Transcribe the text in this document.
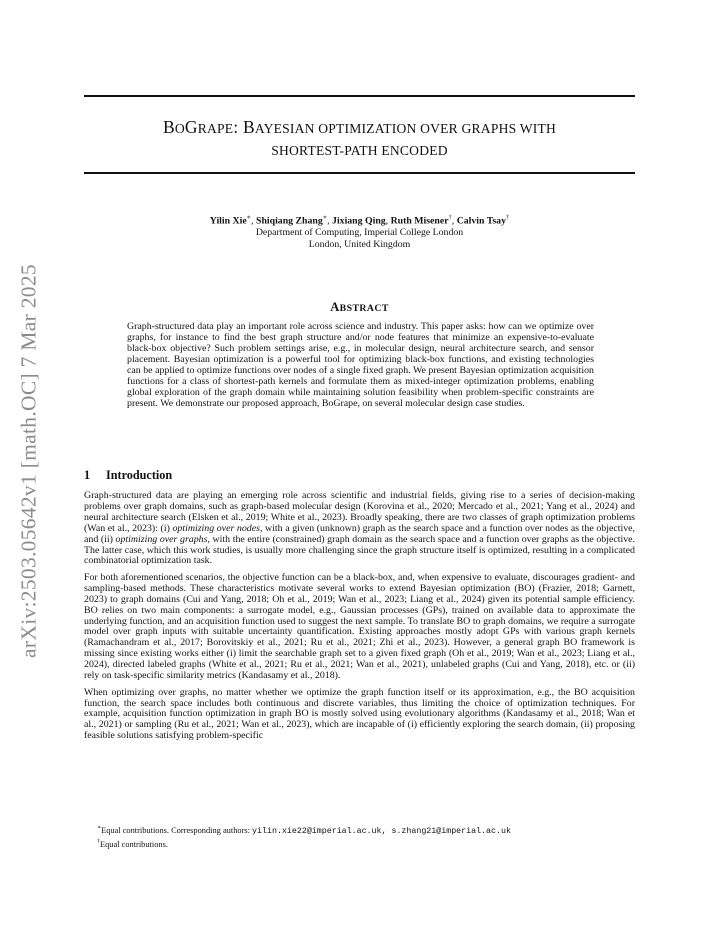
arXiv:2503.05642v1 [math.OC] 7 Mar 2025
BOGRAPE: BAYESIAN OPTIMIZATION OVER GRAPHS WITH
SHORTEST-PATH ENCODED
Yilin Xie∗, Shiqiang Zhang∗, Jixiang Qing, Ruth Misener†, Calvin Tsay†
Department of Computing, Imperial College London
London, United Kingdom
ABSTRACT

Graph-structured data play an important role across science and industry. This paper asks: how can we optimize over graphs, for instance to find the best graph structure and/or node features that minimize an expensive-to-evaluate black-box objective? Such problem settings arise, e.g., in molecular design, neural architecture search, and sensor placement. Bayesian optimization is a powerful tool for optimizing black-box functions, and existing technologies can be applied to optimize functions over nodes of a single fixed graph. We present Bayesian optimization acquisition functions for a class of shortest-path kernels and formulate them as mixed-integer optimization problems, enabling global exploration of the graph domain while maintaining solution feasibility when problem-specific constraints are present. We demonstrate our proposed approach, BoGrape, on several molecular design case studies.

1 Introduction

Graph-structured data are playing an emerging role across scientific and industrial fields, giving rise to a series of decision-making problems over graph domains, such as graph-based molecular design (Korovina et al., 2020; Mercado et al., 2021; Yang et al., 2024) and neural architecture search (Elsken et al., 2019; White et al., 2023). Broadly speaking, there are two classes of graph optimization problems (Wan et al., 2023): (i) optimizing over nodes, with a given (unknown) graph as the search space and a function over nodes as the objective, and (ii) optimizing over graphs, with the entire (constrained) graph domain as the search space and a function over graphs as the objective. The latter case, which this work studies, is usually more challenging since the graph structure itself is optimized, resulting in a complicated combinatorial optimization task.

For both aforementioned scenarios, the objective function can be a black-box, and, when expensive to evaluate, discourages gradient- and sampling-based methods. These characteristics motivate several works to extend Bayesian optimization (BO) (Frazier, 2018; Garnett, 2023) to graph domains (Cui and Yang, 2018; Oh et al., 2019; Wan et al., 2023; Liang et al., 2024) given its potential sample efficiency. BO relies on two main components: a surrogate model, e.g., Gaussian processes (GPs), trained on available data to approximate the underlying function, and an acquisition function used to suggest the next sample. To translate BO to graph domains, we require a surrogate model over graph inputs with suitable uncertainty quantification. Existing approaches mostly adopt GPs with various graph kernels (Ramachandram et al., 2017; Borovitskiy et al., 2021; Ru et al., 2021; Zhi et al., 2023). However, a general graph BO framework is missing since existing works either (i) limit the searchable graph set to a given fixed graph (Oh et al., 2019; Wan et al., 2023; Liang et al., 2024), directed labeled graphs (White et al., 2021; Ru et al., 2021; Wan et al., 2021), unlabeled graphs (Cui and Yang, 2018), etc. or (ii) rely on task-specific similarity metrics (Kandasamy et al., 2018).

When optimizing over graphs, no matter whether we optimize the graph function itself or its approximation, e.g., the BO acquisition function, the search space includes both continuous and discrete variables, thus limiting the choice of optimization techniques. For example, acquisition function optimization in graph BO is mostly solved using evolutionary algorithms (Kandasamy et al., 2018; Wan et al., 2021) or sampling (Ru et al., 2021; Wan et al., 2023), which are incapable of (i) efficiently exploring the search domain, (ii) proposing feasible solutions satisfying problem-specific

∗Equal contributions. Corresponding authors: yilin.xie22@imperial.ac.uk, s.zhang21@imperial.ac.uk
†Equal contributions.
